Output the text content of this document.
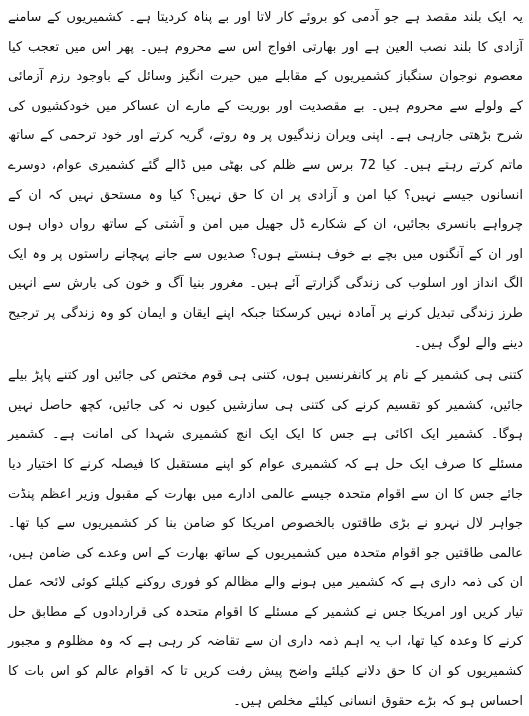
یہ ایک بلند مقصد ہے جو آدمی کو بروئے کار لاتا اور بے پناہ کردیتا ہے۔ کشمیریوں کے سامنے آزادی کا بلند نصب العین ہے اور بھارتی افواج اس سے محروم ہیں۔ پھر اس میں تعجب کیا معصوم نوجوان سنگباز کشمیریوں کے مقابلے میں حیرت انگیز وسائل کے باوجود رزم آزمائی کے ولولے سے محروم ہیں۔ بے مقصدیت اور بوریت کے مارے ان عساکر میں خودکشیوں کی شرح بڑھتی جارہی ہے۔ اپنی ویران زندگیوں پر وہ روتے، گریہ کرتے اور خود ترحمی کے ساتھ ماتم کرتے رہتے ہیں۔ کیا 72 برس سے ظلم کی بھٹی میں ڈالے گئے کشمیری عوام، دوسرے انسانوں جیسے نہیں؟ کیا امن و آزادی پر ان کا حق نہیں؟ کیا وہ مستحق نہیں کہ ان کے چرواہے بانسری بجائیں، ان کے شکارے ڈل جھیل میں امن و آشتی کے ساتھ رواں دواں ہوں اور ان کے آنگنوں میں بچے بے خوف ہنستے ہوں؟ صدیوں سے جانے پہچانے راستوں پر وہ ایک الگ انداز اور اسلوب کی زندگی گزارتے آئے ہیں۔ مغرور بنیا آگ و خون کی بارش سے انہیں طرز زندگی تبدیل کرنے پر آمادہ نہیں کرسکتا جبکہ اپنے ایقان و ایمان کو وہ زندگی پر ترجیح دینے والے لوگ ہیں۔

کتنی ہی کشمیر کے نام پر کانفرنسیں ہوں، کتنی ہی قوم مختص کی جائیں اور کتنے پاپڑ بیلے جائیں، کشمیر کو تقسیم کرنے کی کتنی ہی سازشیں کیوں نہ کی جائیں، کچھ حاصل نہیں ہوگا۔ کشمیر ایک اکائی ہے جس کا ایک ایک انچ کشمیری شہدا کی امانت ہے۔ کشمیر مسئلے کا صرف ایک حل ہے کہ کشمیری عوام کو اپنے مستقبل کا فیصلہ کرنے کا اختیار دیا جائے جس کا ان سے اقوام متحدہ جیسے عالمی ادارے میں بھارت کے مقبول وزیر اعظم پنڈت جواہر لال نہرو نے بڑی طاقتوں بالخصوص امریکا کو ضامن بنا کر کشمیریوں سے کیا تھا۔ عالمی طاقتیں جو اقوام متحدہ میں کشمیریوں کے ساتھ بھارت کے اس وعدے کی ضامن ہیں، ان کی ذمہ داری ہے کہ کشمیر میں ہونے والے مظالم کو فوری روکنے کیلئے کوئی لائحہ عمل تیار کریں اور امریکا جس نے کشمیر کے مسئلے کا اقوام متحدہ کی قراردادوں کے مطابق حل کرنے کا وعدہ کیا تھا، اب یہ اہم ذمہ داری ان سے تقاضہ کر رہی ہے کہ وہ مظلوم و مجبور کشمیریوں کو ان کا حق دلانے کیلئے واضح پیش رفت کریں تا کہ اقوام عالم کو اس بات کا احساس ہو کہ بڑے حقوق انسانی کیلئے مخلص ہیں۔
